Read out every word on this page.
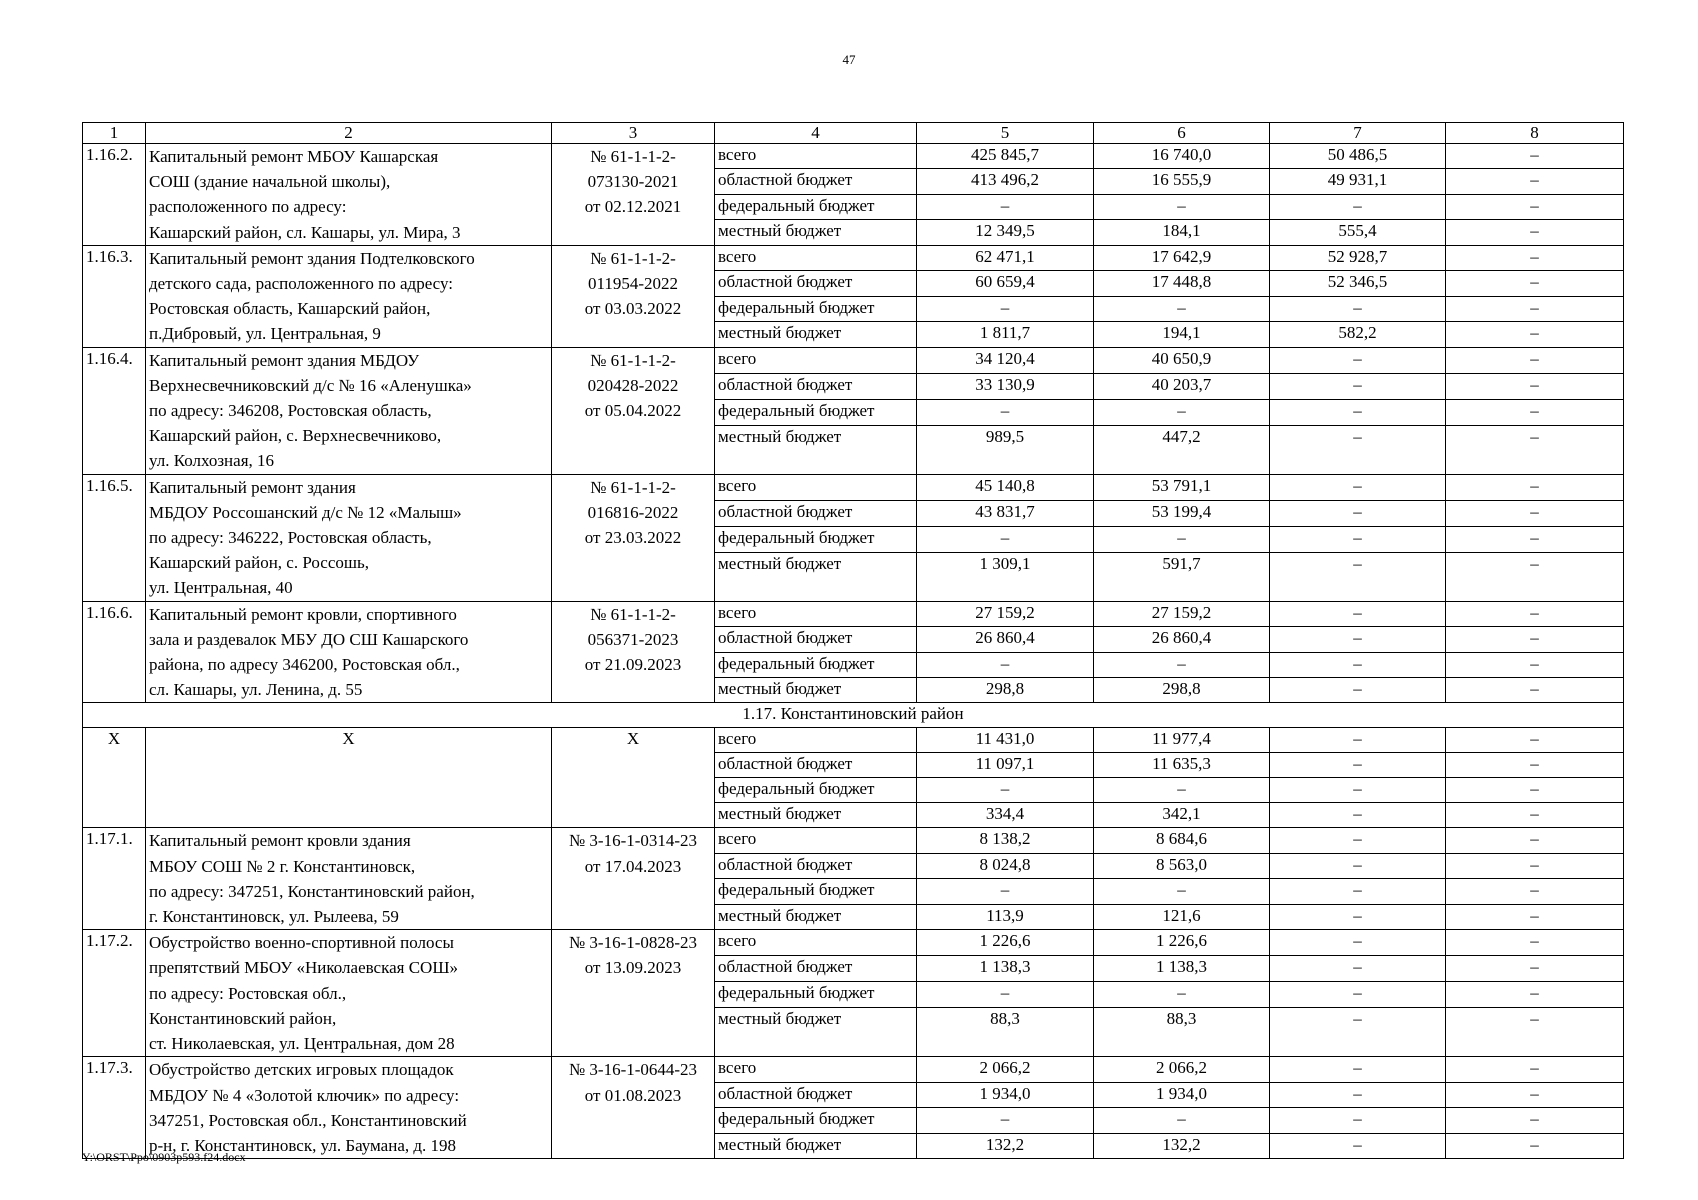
47
1	2	3	4	5	6	7	8
1.16.2.	Капитальный ремонт МБОУ Кашарская
СОШ (здание начальной школы),
расположенного по адресу:
Кашарский район, сл. Кашары, ул. Мира, 3	№ 61-1-1-2-
073130-2021
от 02.12.2021	всего	425 845,7	16 740,0	50 486,5	–
			областной бюджет	413 496,2	16 555,9	49 931,1	–
			федеральный бюджет	–	–	–	–
			местный бюджет	12 349,5	184,1	555,4	–
1.16.3.	Капитальный ремонт здания Подтелковского
детского сада, расположенного по адресу:
Ростовская область, Кашарский район,
п.Дибровый, ул. Центральная, 9	№ 61-1-1-2-
011954-2022
от 03.03.2022	всего	62 471,1	17 642,9	52 928,7	–
			областной бюджет	60 659,4	17 448,8	52 346,5	–
			федеральный бюджет	–	–	–	–
			местный бюджет	1 811,7	194,1	582,2	–
1.16.4.	Капитальный ремонт здания МБДОУ
Верхнесвечниковский д/с № 16 «Аленушка»
по адресу: 346208, Ростовская область,
Кашарский район, с. Верхнесвечниково,
ул. Колхозная, 16	№ 61-1-1-2-
020428-2022
от 05.04.2022	всего	34 120,4	40 650,9	–	–
			областной бюджет	33 130,9	40 203,7	–	–
			федеральный бюджет	–	–	–	–
			местный бюджет	989,5	447,2	–	–
1.16.5.	Капитальный ремонт здания
МБДОУ Россошанский д/с № 12 «Малыш»
по адресу: 346222, Ростовская область,
Кашарский район, с. Россошь,
ул. Центральная, 40	№ 61-1-1-2-
016816-2022
от 23.03.2022	всего	45 140,8	53 791,1	–	–
			областной бюджет	43 831,7	53 199,4	–	–
			федеральный бюджет	–	–	–	–
			местный бюджет	1 309,1	591,7	–	–
1.16.6.	Капитальный ремонт кровли, спортивного
зала и раздевалок МБУ ДО СШ Кашарского
района, по адресу 346200, Ростовская обл.,
сл. Кашары, ул. Ленина, д. 55	№ 61-1-1-2-
056371-2023
от 21.09.2023	всего	27 159,2	27 159,2	–	–
			областной бюджет	26 860,4	26 860,4	–	–
			федеральный бюджет	–	–	–	–
			местный бюджет	298,8	298,8	–	–
1.17. Константиновский район							
X	X	X	всего	11 431,0	11 977,4	–	–
			областной бюджет	11 097,1	11 635,3	–	–
			федеральный бюджет	–	–	–	–
			местный бюджет	334,4	342,1	–	–
1.17.1.	Капитальный ремонт кровли здания
МБОУ СОШ № 2 г. Константиновск,
по адресу: 347251, Константиновский район,
г. Константиновск, ул. Рылеева, 59	№ 3-16-1-0314-23
от 17.04.2023	всего	8 138,2	8 684,6	–	–
			областной бюджет	8 024,8	8 563,0	–	–
			федеральный бюджет	–	–	–	–
			местный бюджет	113,9	121,6	–	–
1.17.2.	Обустройство военно-спортивной полосы
препятствий МБОУ «Николаевская СОШ»
по адресу: Ростовская обл.,
Константиновский район,
ст. Николаевская, ул. Центральная, дом 28	№ 3-16-1-0828-23
от 13.09.2023	всего	1 226,6	1 226,6	–	–
			областной бюджет	1 138,3	1 138,3	–	–
			федеральный бюджет	–	–	–	–
			местный бюджет	88,3	88,3	–	–
1.17.3.	Обустройство детских игровых площадок
МБДОУ № 4 «Золотой ключик» по адресу:
347251, Ростовская обл., Константиновский
р-н, г. Константиновск, ул. Баумана, д. 198	№ 3-16-1-0644-23
от 01.08.2023	всего	2 066,2	2 066,2	–	–
			областной бюджет	1 934,0	1 934,0	–	–
			федеральный бюджет	–	–	–	–
			местный бюджет	132,2	132,2	–	–
Y:\ORST\Ppo\0903p593.f24.docx
